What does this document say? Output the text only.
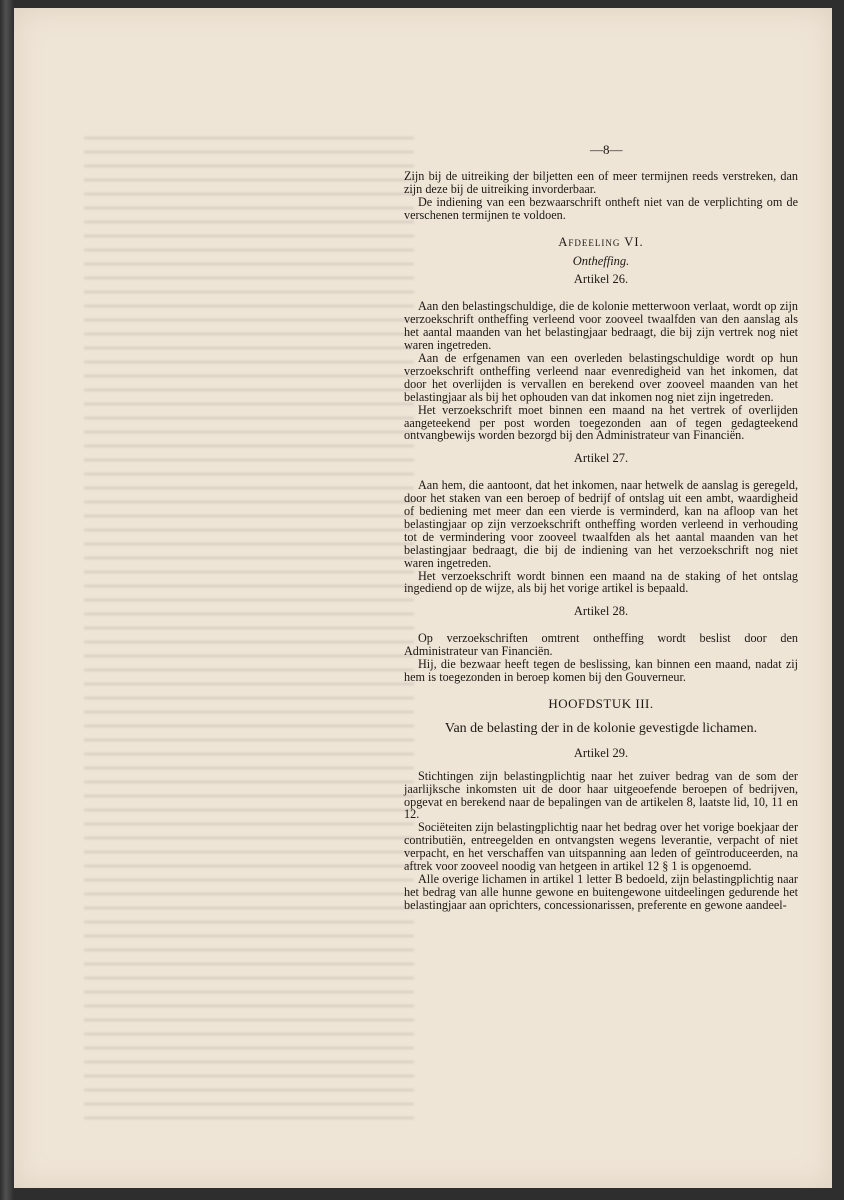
—8—

Zijn bij de uitreiking der biljetten een of meer termijnen reeds verstreken, dan zijn deze bij de uitreiking invorderbaar.

De indiening van een bezwaarschrift ontheft niet van de verplichting om de verschenen termijnen te voldoen.

Afdeeling VI.
Ontheffing.
Artikel 26.

Aan den belastingschuldige, die de kolonie metterwoon verlaat, wordt op zijn verzoekschrift ontheffing verleend voor zooveel twaalfden van den aanslag als het aantal maanden van het belastingjaar bedraagt, die bij zijn vertrek nog niet waren ingetreden.

Aan de erfgenamen van een overleden belastingschuldige wordt op hun verzoekschrift ontheffing verleend naar evenredigheid van het inkomen, dat door het overlijden is vervallen en berekend over zooveel maanden van het belastingjaar als bij het ophouden van dat inkomen nog niet zijn ingetreden.

Het verzoekschrift moet binnen een maand na het vertrek of overlijden aangeteekend per post worden toegezonden aan of tegen gedagteekend ontvangbewijs worden bezorgd bij den Administrateur van Financiën.

Artikel 27.

Aan hem, die aantoont, dat het inkomen, naar hetwelk de aanslag is geregeld, door het staken van een beroep of bedrijf of ontslag uit een ambt, waardigheid of bediening met meer dan een vierde is verminderd, kan na afloop van het belastingjaar op zijn verzoekschrift ontheffing worden verleend in verhouding tot de vermindering voor zooveel twaalfden als het aantal maanden van het belastingjaar bedraagt, die bij de indiening van het verzoekschrift nog niet waren ingetreden.

Het verzoekschrift wordt binnen een maand na de staking of het ontslag ingediend op de wijze, als bij het vorige artikel is bepaald.

Artikel 28.

Op verzoekschriften omtrent ontheffing wordt beslist door den Administrateur van Financiën.

Hij, die bezwaar heeft tegen de beslissing, kan binnen een maand, nadat zij hem is toegezonden in beroep komen bij den Gouverneur.

HOOFDSTUK III.
Van de belasting der in de kolonie gevestigde lichamen.
Artikel 29.

Stichtingen zijn belastingplichtig naar het zuiver bedrag van de som der jaarlijksche inkomsten uit de door haar uitgeoefende beroepen of bedrijven, opgevat en berekend naar de bepalingen van de artikelen 8, laatste lid, 10, 11 en 12.

Sociëteiten zijn belastingplichtig naar het bedrag over het vorige boekjaar der contributiën, entreegelden en ontvangsten wegens leverantie, verpacht of niet verpacht, en het verschaffen van uitspanning aan leden of geïntroduceerden, na aftrek voor zooveel noodig van hetgeen in artikel 12 § 1 is opgenoemd.

Alle overige lichamen in artikel 1 letter B bedoeld, zijn belastingplichtig naar het bedrag van alle hunne gewone en buitengewone uitdeelingen gedurende het belastingjaar aan oprichters, concessionarissen, preferente en gewone aandeel-
